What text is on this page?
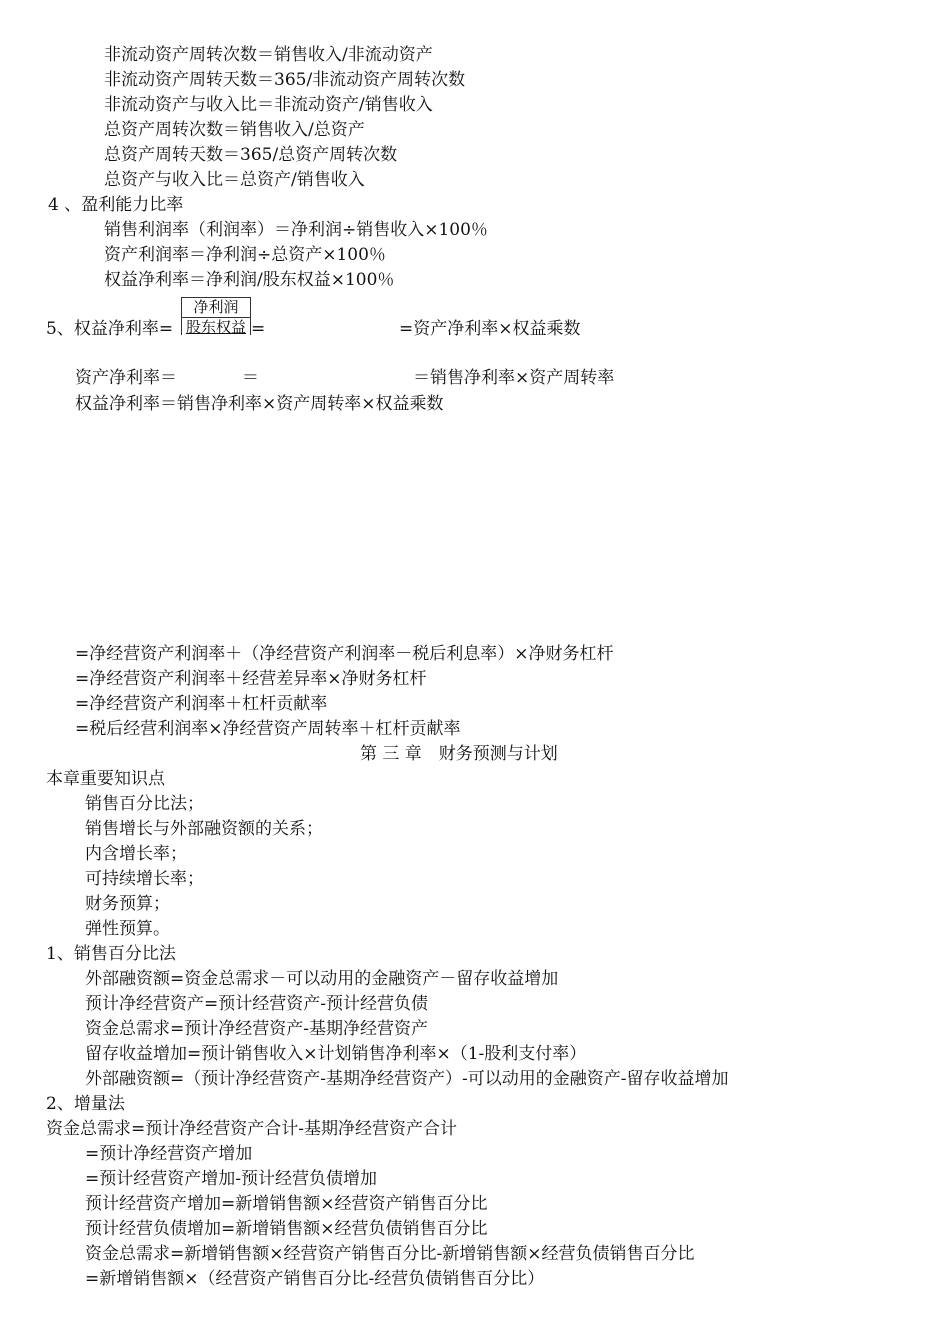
非流动资产周转次数＝销售收入/非流动资产
非流动资产周转天数＝365/非流动资产周转次数
非流动资产与收入比＝非流动资产/销售收入
总资产周转次数＝销售收入/总资产
总资产周转天数＝365/总资产周转次数
总资产与收入比＝总资产/销售收入
4 、盈利能力比率
销售利润率（利润率）＝净利润÷销售收入×100％
资产利润率＝净利润÷总资产×100％
权益净利率＝净利润/股东权益×100％
5、权益净利率=
净利润
股东权益 =	=资产净利率×权益乘数
资产净利率＝	＝	＝销售净利率×资产周转率
权益净利率＝销售净利率×资产周转率×权益乘数
=净经营资产利润率＋（净经营资产利润率－税后利息率）×净财务杠杆
=净经营资产利润率＋经营差异率×净财务杠杆
=净经营资产利润率＋杠杆贡献率
=税后经营利润率×净经营资产周转率＋杠杆贡献率
第 三 章　财务预测与计划
本章重要知识点
销售百分比法；
销售增长与外部融资额的关系；
内含增长率；
可持续增长率；
财务预算；
弹性预算。
1、销售百分比法
外部融资额=资金总需求－可以动用的金融资产－留存收益增加
预计净经营资产=预计经营资产-预计经营负债
资金总需求=预计净经营资产-基期净经营资产
留存收益增加=预计销售收入×计划销售净利率×（1-股利支付率）
外部融资额=（预计净经营资产-基期净经营资产）-可以动用的金融资产-留存收益增加
2、增量法
资金总需求=预计净经营资产合计-基期净经营资产合计
=预计净经营资产增加
=预计经营资产增加-预计经营负债增加
预计经营资产增加=新增销售额×经营资产销售百分比
预计经营负债增加=新增销售额×经营负债销售百分比
资金总需求=新增销售额×经营资产销售百分比-新增销售额×经营负债销售百分比
=新增销售额×（经营资产销售百分比-经营负债销售百分比）
